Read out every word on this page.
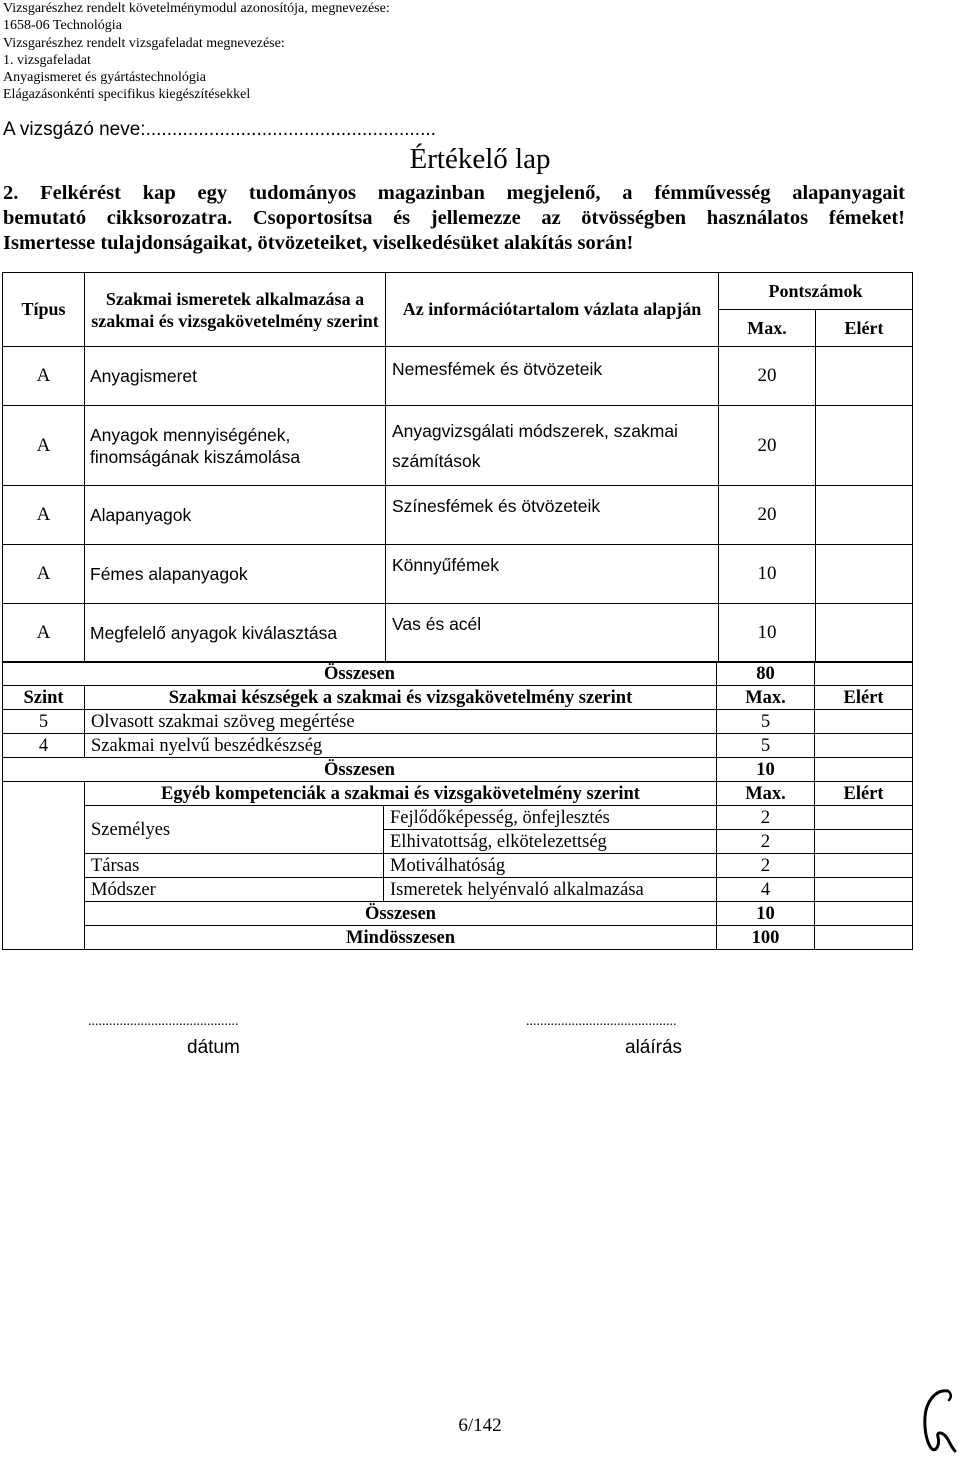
Vizsgarészhez rendelt követelménymodul azonosítója, megnevezése:
1658-06 Technológia
Vizsgarészhez rendelt vizsgafeladat megnevezése:
1. vizsgafeladat
Anyagismeret és gyártástechnológia
Elágazásonkénti specifikus kiegészítésekkel
A vizsgázó neve:.......................................................
Értékelő lap

2. Felkérést kap egy tudományos magazinban megjelenő, a fémművesség alapanyagait

bemutató cikksorozatra. Csoportosítsa és jellemezze az ötvösségben használatos fémeket!

Ismertesse tulajdonságaikat, ötvözeteiket, viselkedésüket alakítás során!

Típus	Szakmai ismeretek alkalmazása a szakmai és vizsgakövetelmény szerint	Az információtartalom vázlata alapján	Pontszámok	
			Max.	Elért
A	Anyagismeret	Nemesfémek és ötvözeteik	20	
A	Anyagok mennyiségének, finomságának kiszámolása	Anyagvizsgálati módszerek, szakmai számítások	20	
A	Alapanyagok	Színesfémek és ötvözeteik	20	
A	Fémes alapanyagok	Könnyűfémek	10	
A	Megfelelő anyagok kiválasztása	Vas és acél	10	
Összesen			80	
Szint	Szakmai készségek a szakmai és vizsgakövetelmény szerint		Max.	Elért
5	Olvasott szakmai szöveg megértése		5	
4	Szakmai nyelvű beszédkészség		5	
Összesen			10	
	Egyéb kompetenciák a szakmai és vizsgakövetelmény szerint		Max.	Elért
	Személyes	Fejlődőképesség, önfejlesztés	2	
		Elhivatottság, elkötelezettség	2	
	Társas	Motiválhatóság	2	
	Módszer	Ismeretek helyénvaló alkalmazása	4	
	Összesen		10	
	Mindösszesen		100	
...........................................	...........................................
dátum	aláírás
6/142
